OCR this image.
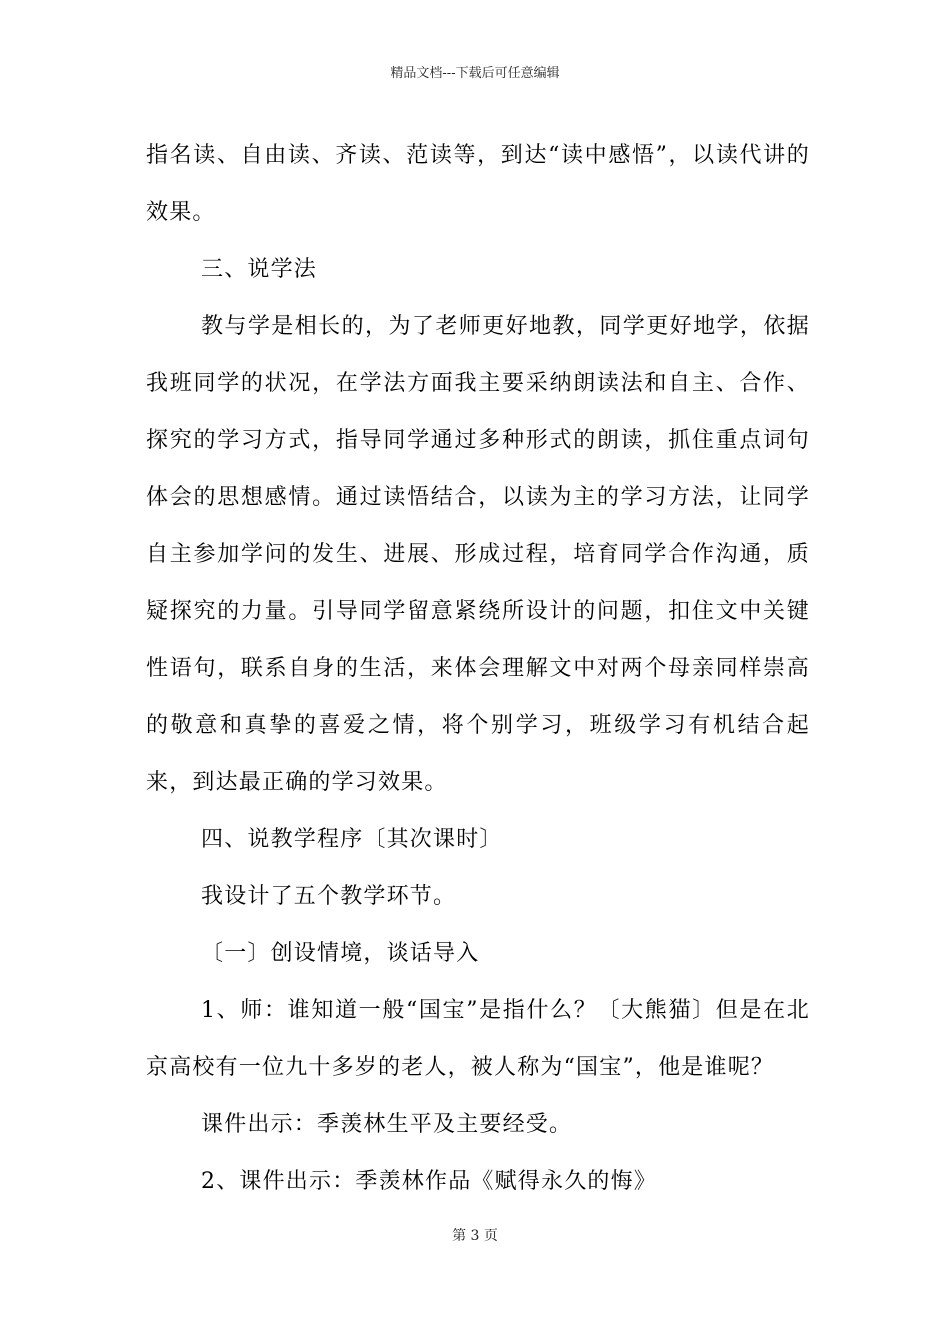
精品文档---下载后可任意编辑

指名读、自由读、齐读、范读等，到达“读中感悟”，以读代讲的效果。

三、说学法

教与学是相长的，为了老师更好地教，同学更好地学，依据我班同学的状况，在学法方面我主要采纳朗读法和自主、合作、探究的学习方式，指导同学通过多种形式的朗读，抓住重点词句体会的思想感情。通过读悟结合，以读为主的学习方法，让同学自主参加学问的发生、进展、形成过程，培育同学合作沟通，质疑探究的力量。引导同学留意紧绕所设计的问题，扣住文中关键性语句，联系自身的生活，来体会理解文中对两个母亲同样崇高的敬意和真挚的喜爱之情，将个别学习，班级学习有机结合起来，到达最正确的学习效果。

四、说教学程序〔其次课时〕

我设计了五个教学环节。

〔一〕创设情境，谈话导入

1、师：谁知道一般“国宝”是指什么？〔大熊猫〕但是在北京高校有一位九十多岁的老人，被人称为“国宝”，他是谁呢？

课件出示：季羡林生平及主要经受。

2、课件出示：季羡林作品《赋得永久的悔》

第 3 页
